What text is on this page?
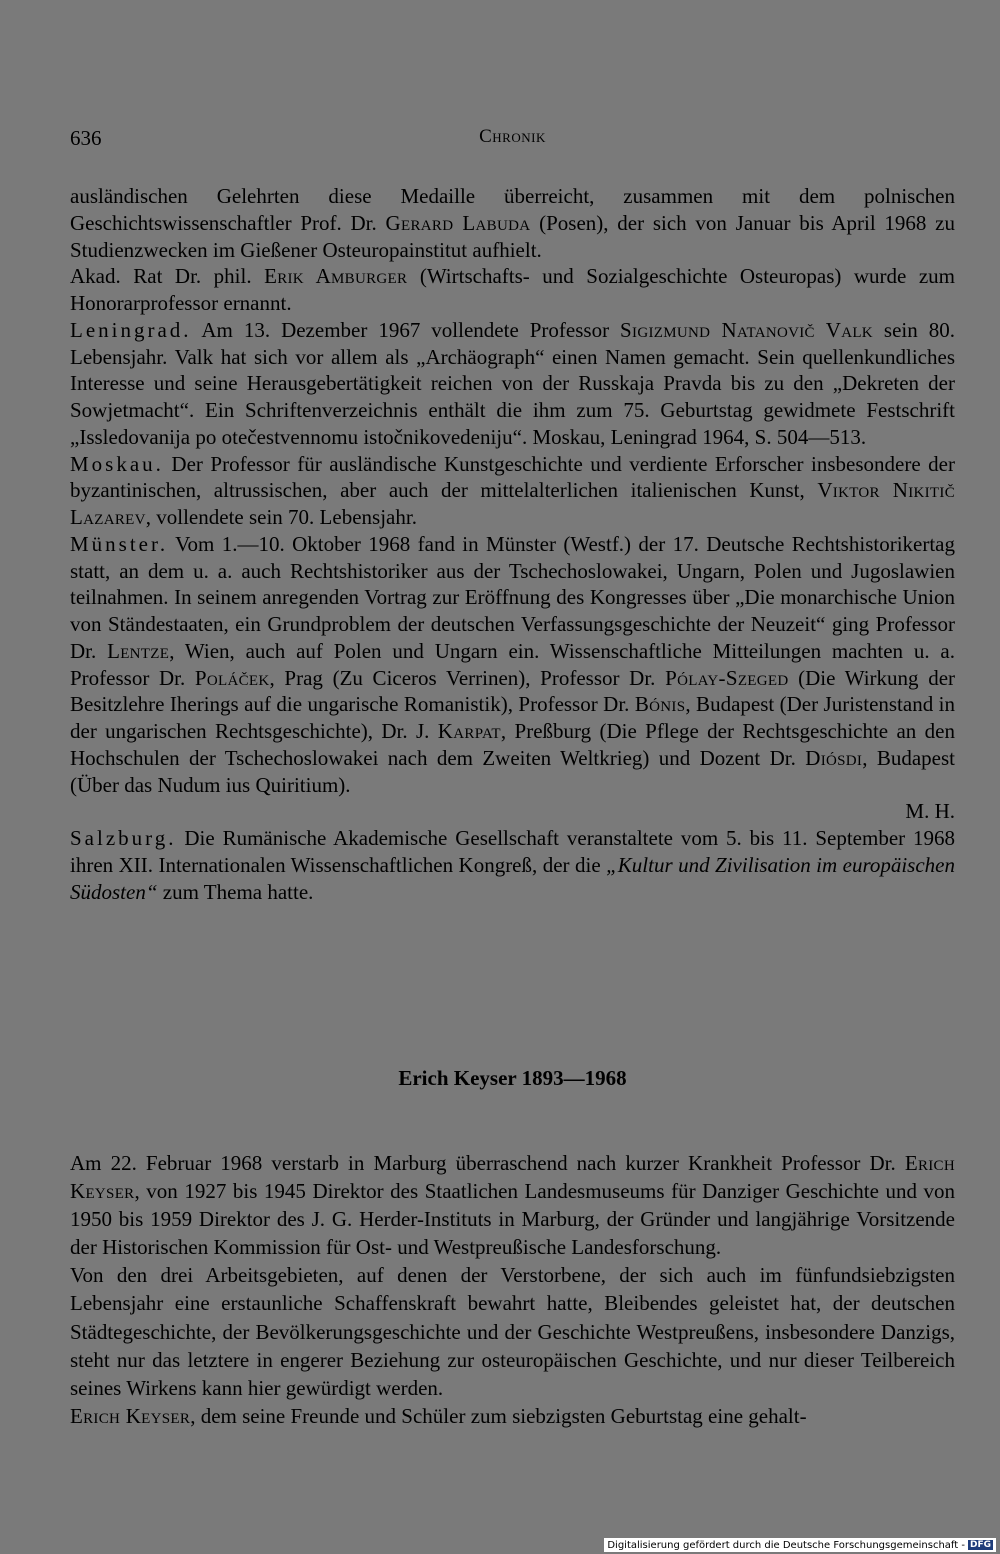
636	Chronik

ausländischen Gelehrten diese Medaille überreicht, zusammen mit dem polnischen Geschichtswissenschaftler Prof. Dr. Gerard Labuda (Posen), der sich von Januar bis April 1968 zu Studienzwecken im Gießener Osteuropainstitut aufhielt.

Akad. Rat Dr. phil. Erik Amburger (Wirtschafts- und Sozialgeschichte Osteuropas) wurde zum Honorarprofessor ernannt.

Leningrad. Am 13. Dezember 1967 vollendete Professor Sigizmund Natanovič Valk sein 80. Lebensjahr. Valk hat sich vor allem als „Archäograph“ einen Namen gemacht. Sein quellenkundliches Interesse und seine Herausgebertätigkeit reichen von der Russkaja Pravda bis zu den „Dekreten der Sowjetmacht“. Ein Schriftenverzeichnis enthält die ihm zum 75. Geburtstag gewidmete Festschrift „Issledovanija po otečestvennomu istočnikovedeniju“. Moskau, Leningrad 1964, S. 504—513.

Moskau. Der Professor für ausländische Kunstgeschichte und verdiente Erforscher insbesondere der byzantinischen, altrussischen, aber auch der mittelalterlichen italienischen Kunst, Viktor Nikitič Lazarev, vollendete sein 70. Lebensjahr.

Münster. Vom 1.—10. Oktober 1968 fand in Münster (Westf.) der 17. Deutsche Rechtshistorikertag statt, an dem u. a. auch Rechtshistoriker aus der Tschechoslowakei, Ungarn, Polen und Jugoslawien teilnahmen. In seinem anregenden Vortrag zur Eröffnung des Kongresses über „Die monarchische Union von Ständestaaten, ein Grundproblem der deutschen Verfassungsgeschichte der Neuzeit“ ging Professor Dr. Lentze, Wien, auch auf Polen und Ungarn ein. Wissenschaftliche Mitteilungen machten u. a. Professor Dr. Poláček, Prag (Zu Ciceros Verrinen), Professor Dr. Pólay-Szeged (Die Wirkung der Besitzlehre Iherings auf die ungarische Romanistik), Professor Dr. Bónis, Budapest (Der Juristenstand in der ungarischen Rechtsgeschichte), Dr. J. Karpat, Preßburg (Die Pflege der Rechtsgeschichte an den Hochschulen der Tschechoslowakei nach dem Zweiten Weltkrieg) und Dozent Dr. Diósdi, Budapest (Über das Nudum ius Quiritium).

M. H.

Salzburg. Die Rumänische Akademische Gesellschaft veranstaltete vom 5. bis 11. September 1968 ihren XII. Internationalen Wissenschaftlichen Kongreß, der die „Kultur und Zivilisation im europäischen Südosten“ zum Thema hatte.

Erich Keyser 1893—1968

Am 22. Februar 1968 verstarb in Marburg überraschend nach kurzer Krankheit Professor Dr. Erich Keyser, von 1927 bis 1945 Direktor des Staatlichen Landesmuseums für Danziger Geschichte und von 1950 bis 1959 Direktor des J. G. Herder-Instituts in Marburg, der Gründer und langjährige Vorsitzende der Historischen Kommission für Ost- und Westpreußische Landesforschung.

Von den drei Arbeitsgebieten, auf denen der Verstorbene, der sich auch im fünfundsiebzigsten Lebensjahr eine erstaunliche Schaffenskraft bewahrt hatte, Bleibendes geleistet hat, der deutschen Städtegeschichte, der Bevölkerungsgeschichte und der Geschichte Westpreußens, insbesondere Danzigs, steht nur das letztere in engerer Beziehung zur osteuropäischen Geschichte, und nur dieser Teilbereich seines Wirkens kann hier gewürdigt werden.

Erich Keyser, dem seine Freunde und Schüler zum siebzigsten Geburtstag eine gehalt-

Digitalisierung gefördert durch die Deutsche Forschungsgemeinschaft - DFG
